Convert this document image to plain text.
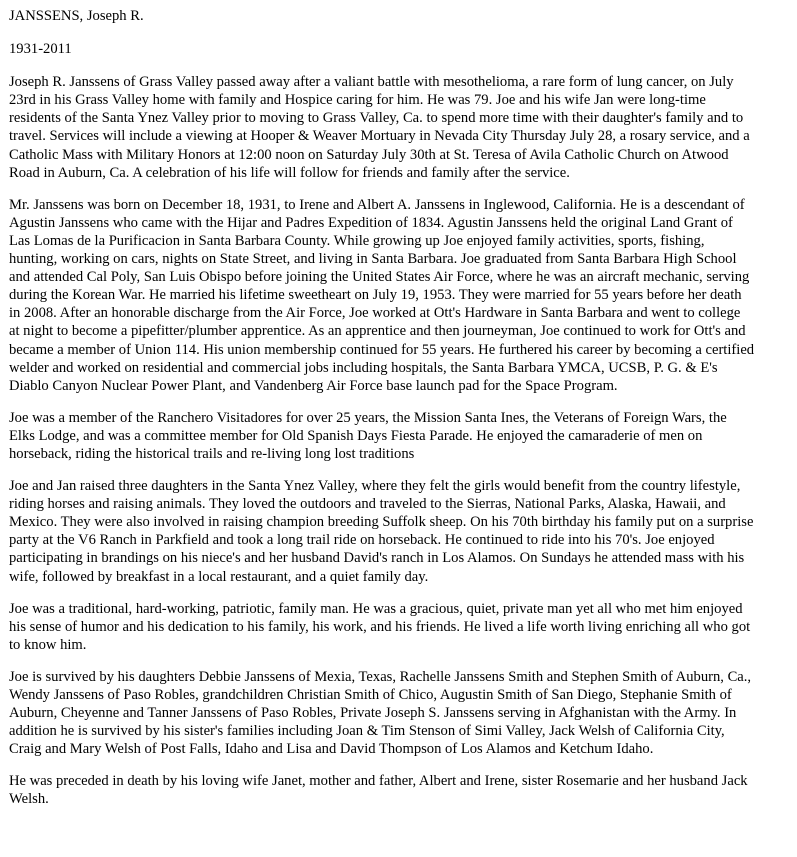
JANSSENS, Joseph R.
1931-2011
Joseph R. Janssens of Grass Valley passed away after a valiant battle with mesothelioma, a rare form of lung cancer, on July
23rd in his Grass Valley home with family and Hospice caring for him. He was 79. Joe and his wife Jan were long-time
residents of the Santa Ynez Valley prior to moving to Grass Valley, Ca. to spend more time with their daughter's family and to
travel. Services will include a viewing at Hooper & Weaver Mortuary in Nevada City Thursday July 28, a rosary service, and a
Catholic Mass with Military Honors at 12:00 noon on Saturday July 30th at St. Teresa of Avila Catholic Church on Atwood
Road in Auburn, Ca. A celebration of his life will follow for friends and family after the service.
Mr. Janssens was born on December 18, 1931, to Irene and Albert A. Janssens in Inglewood, California. He is a descendant of
Agustin Janssens who came with the Hijar and Padres Expedition of 1834. Agustin Janssens held the original Land Grant of
Las Lomas de la Purificacion in Santa Barbara County. While growing up Joe enjoyed family activities, sports, fishing,
hunting, working on cars, nights on State Street, and living in Santa Barbara. Joe graduated from Santa Barbara High School
and attended Cal Poly, San Luis Obispo before joining the United States Air Force, where he was an aircraft mechanic, serving
during the Korean War. He married his lifetime sweetheart on July 19, 1953. They were married for 55 years before her death
in 2008. After an honorable discharge from the Air Force, Joe worked at Ott's Hardware in Santa Barbara and went to college
at night to become a pipefitter/plumber apprentice. As an apprentice and then journeyman, Joe continued to work for Ott's and
became a member of Union 114. His union membership continued for 55 years. He furthered his career by becoming a certified
welder and worked on residential and commercial jobs including hospitals, the Santa Barbara YMCA, UCSB, P. G. & E's
Diablo Canyon Nuclear Power Plant, and Vandenberg Air Force base launch pad for the Space Program.
Joe was a member of the Ranchero Visitadores for over 25 years, the Mission Santa Ines, the Veterans of Foreign Wars, the
Elks Lodge, and was a committee member for Old Spanish Days Fiesta Parade. He enjoyed the camaraderie of men on
horseback, riding the historical trails and re-living long lost traditions
Joe and Jan raised three daughters in the Santa Ynez Valley, where they felt the girls would benefit from the country lifestyle,
riding horses and raising animals. They loved the outdoors and traveled to the Sierras, National Parks, Alaska, Hawaii, and
Mexico. They were also involved in raising champion breeding Suffolk sheep. On his 70th birthday his family put on a surprise
party at the V6 Ranch in Parkfield and took a long trail ride on horseback. He continued to ride into his 70's. Joe enjoyed
participating in brandings on his niece's and her husband David's ranch in Los Alamos. On Sundays he attended mass with his
wife, followed by breakfast in a local restaurant, and a quiet family day.
Joe was a traditional, hard-working, patriotic, family man. He was a gracious, quiet, private man yet all who met him enjoyed
his sense of humor and his dedication to his family, his work, and his friends. He lived a life worth living enriching all who got
to know him.
Joe is survived by his daughters Debbie Janssens of Mexia, Texas, Rachelle Janssens Smith and Stephen Smith of Auburn, Ca.,
Wendy Janssens of Paso Robles, grandchildren Christian Smith of Chico, Augustin Smith of San Diego, Stephanie Smith of
Auburn, Cheyenne and Tanner Janssens of Paso Robles, Private Joseph S. Janssens serving in Afghanistan with the Army. In
addition he is survived by his sister's families including Joan & Tim Stenson of Simi Valley, Jack Welsh of California City,
Craig and Mary Welsh of Post Falls, Idaho and Lisa and David Thompson of Los Alamos and Ketchum Idaho.
He was preceded in death by his loving wife Janet, mother and father, Albert and Irene, sister Rosemarie and her husband Jack
Welsh.
